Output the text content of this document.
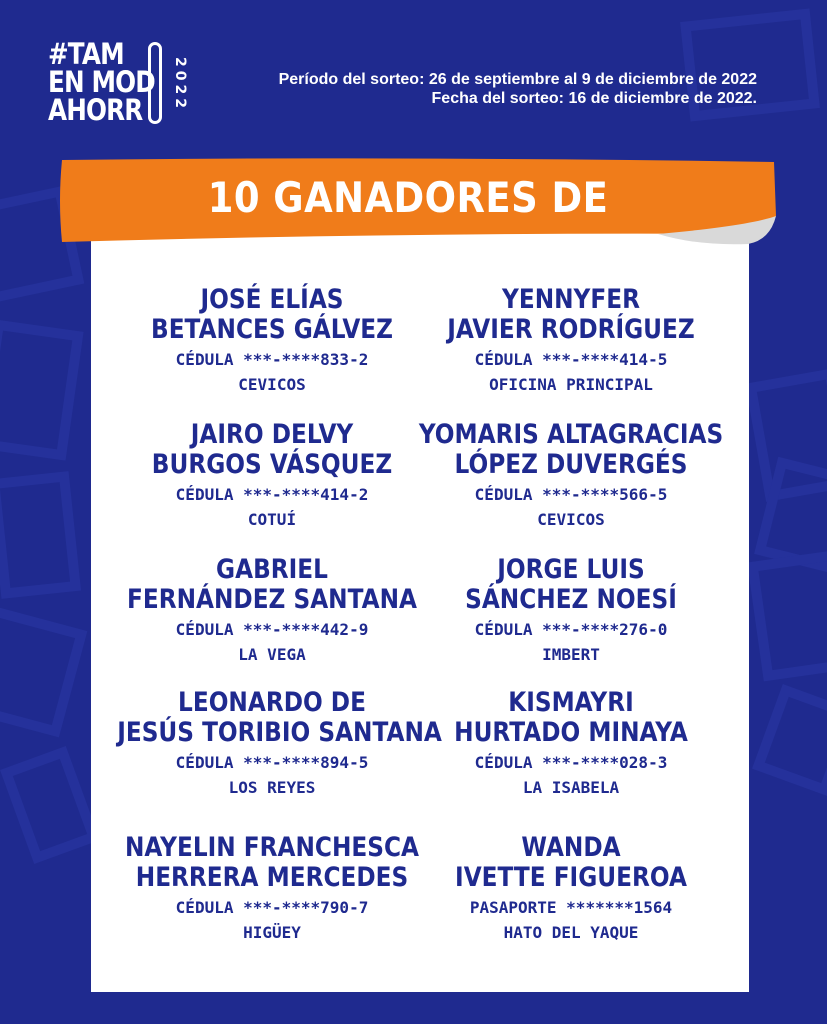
#TAM
EN MOD
AHORR	2022	Período del sorteo: 26 de septiembre al 9 de diciembre de 2022
Fecha del sorteo: 16 de diciembre de 2022.
10 GANADORES DE RD$50,000
JOSÉ ELÍAS
BETANCES GÁLVEZ
CÉDULA ***-****833-2
CEVICOS
YENNYFER
JAVIER RODRÍGUEZ
CÉDULA ***-****414-5
OFICINA PRINCIPAL
JAIRO DELVY
BURGOS VÁSQUEZ
CÉDULA ***-****414-2
COTUÍ
YOMARIS ALTAGRACIAS
LÓPEZ DUVERGÉS
CÉDULA ***-****566-5
CEVICOS
GABRIEL
FERNÁNDEZ SANTANA
CÉDULA ***-****442-9
LA VEGA
JORGE LUIS
SÁNCHEZ NOESÍ
CÉDULA ***-****276-0
IMBERT
LEONARDO DE
JESÚS TORIBIO SANTANA
CÉDULA ***-****894-5
LOS REYES
KISMAYRI
HURTADO MINAYA
CÉDULA ***-****028-3
LA ISABELA
NAYELIN FRANCHESCA
HERRERA MERCEDES
CÉDULA ***-****790-7
HIGÜEY
WANDA
IVETTE FIGUEROA
PASAPORTE *******1564
HATO DEL YAQUE
